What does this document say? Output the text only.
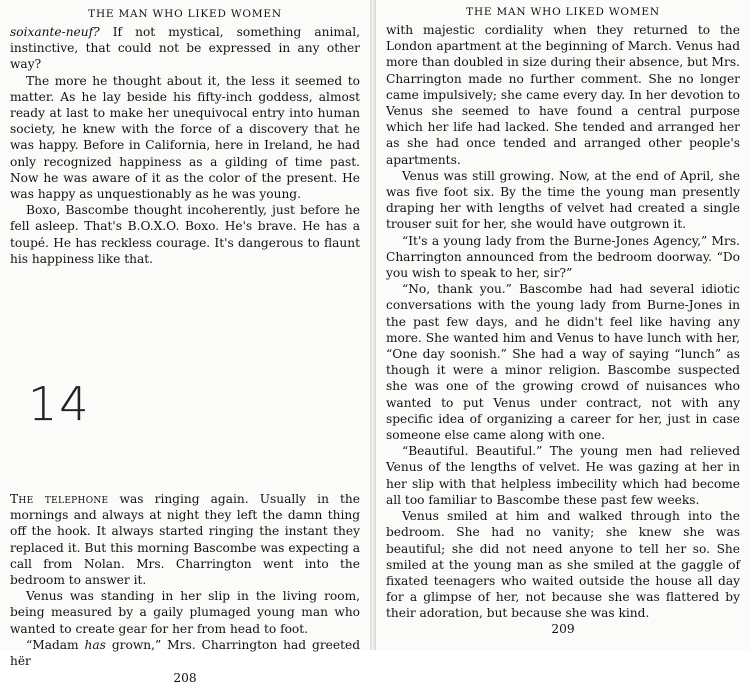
THE MAN WHO LIKED WOMEN

soixante-neuf? If not mystical, something animal, instinctive, that could not be expressed in any other way?

The more he thought about it, the less it seemed to matter. As he lay beside his fifty-inch goddess, almost ready at last to make her unequivocal entry into human society, he knew with the force of a discovery that he was happy. Before in California, here in Ireland, he had only recognized happiness as a gilding of time past. Now he was aware of it as the color of the present. He was happy as unquestionably as he was young.

Boxo, Bascombe thought incoherently, just before he fell asleep. That's B.O.X.O. Boxo. He's brave. He has a toupé. He has reckless courage. It's dangerous to flaunt his happiness like that.

14

The telephone was ringing again. Usually in the mornings and always at night they left the damn thing off the hook. It always started ringing the instant they replaced it. But this morning Bascombe was expecting a call from Nolan. Mrs. Charrington went into the bedroom to answer it.

Venus was standing in her slip in the living room, being measured by a gaily plumaged young man who wanted to create gear for her from head to foot.

“Madam has grown,” Mrs. Charrington had greeted hër

208
THE MAN WHO LIKED WOMEN

with majestic cordiality when they returned to the London apartment at the beginning of March. Venus had more than doubled in size during their absence, but Mrs. Charrington made no further comment. She no longer came impulsively; she came every day. In her devotion to Venus she seemed to have found a central purpose which her life had lacked. She tended and arranged her as she had once tended and arranged other people's apartments.

Venus was still growing. Now, at the end of April, she was five foot six. By the time the young man presently draping her with lengths of velvet had created a single trouser suit for her, she would have outgrown it.

“It's a young lady from the Burne-Jones Agency,” Mrs. Charrington announced from the bedroom doorway. “Do you wish to speak to her, sir?”

“No, thank you.” Bascombe had had several idiotic conversations with the young lady from Burne-Jones in the past few days, and he didn't feel like having any more. She wanted him and Venus to have lunch with her, “One day soonish.” She had a way of saying “lunch” as though it were a minor religion. Bascombe suspected she was one of the growing crowd of nuisances who wanted to put Venus under contract, not with any specific idea of organizing a career for her, just in case someone else came along with one.

“Beautiful. Beautiful.” The young men had relieved Venus of the lengths of velvet. He was gazing at her in her slip with that helpless imbecility which had become all too familiar to Bascombe these past few weeks.

Venus smiled at him and walked through into the bedroom. She had no vanity; she knew she was beautiful; she did not need anyone to tell her so. She smiled at the young man as she smiled at the gaggle of fixated teenagers who waited outside the house all day for a glimpse of her, not because she was flattered by their adoration, but because she was kind.

209
